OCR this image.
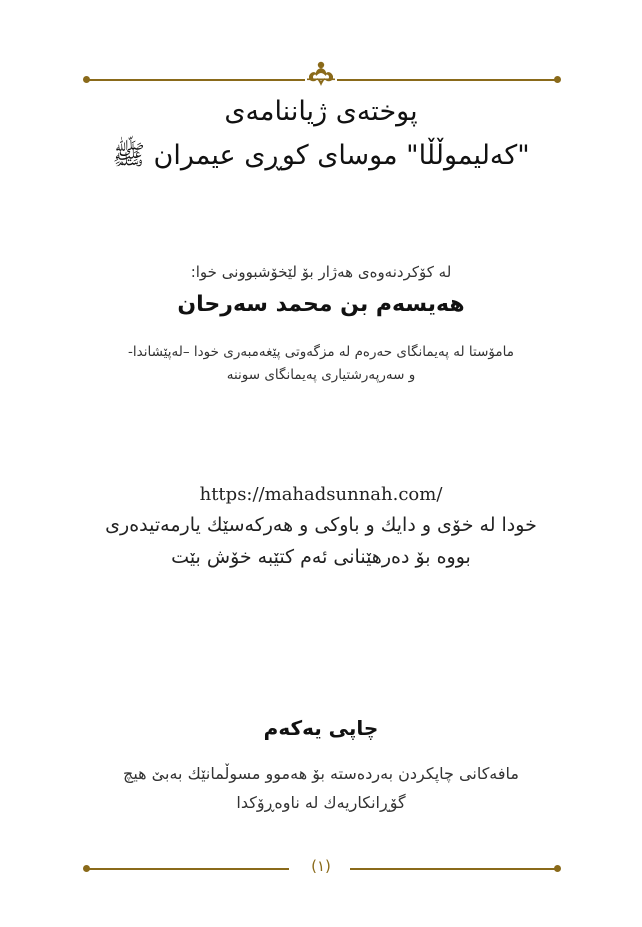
پوختەی ژیاننامەی
"کەلیموڵڵا" موسای کوڕی عیمران ﷺ
لە کۆکردنەوەی هەژار بۆ لێخۆشبوونی خوا:
هەیسەم بن محمد سەرحان
مامۆستا لە پەیمانگای حەرەم لە مزگەوتی پێغەمبەری خودا –لەپێشاندا-
و سەرپەرشتیاری پەیمانگای سوننە
https://mahadsunnah.com/
خودا لە خۆی و دایك و باوكی و هەركەسێك یارمەتیدەری
بووە بۆ دەرهێنانی ئەم كتێبە خۆش بێت
چاپی یەكەم
مافەكانی چاپكردن بەردەستە بۆ هەموو مسوڵمانێك بەبێ هیچ
گۆڕانكاریەك لە ناوەڕۆكدا
(١)
